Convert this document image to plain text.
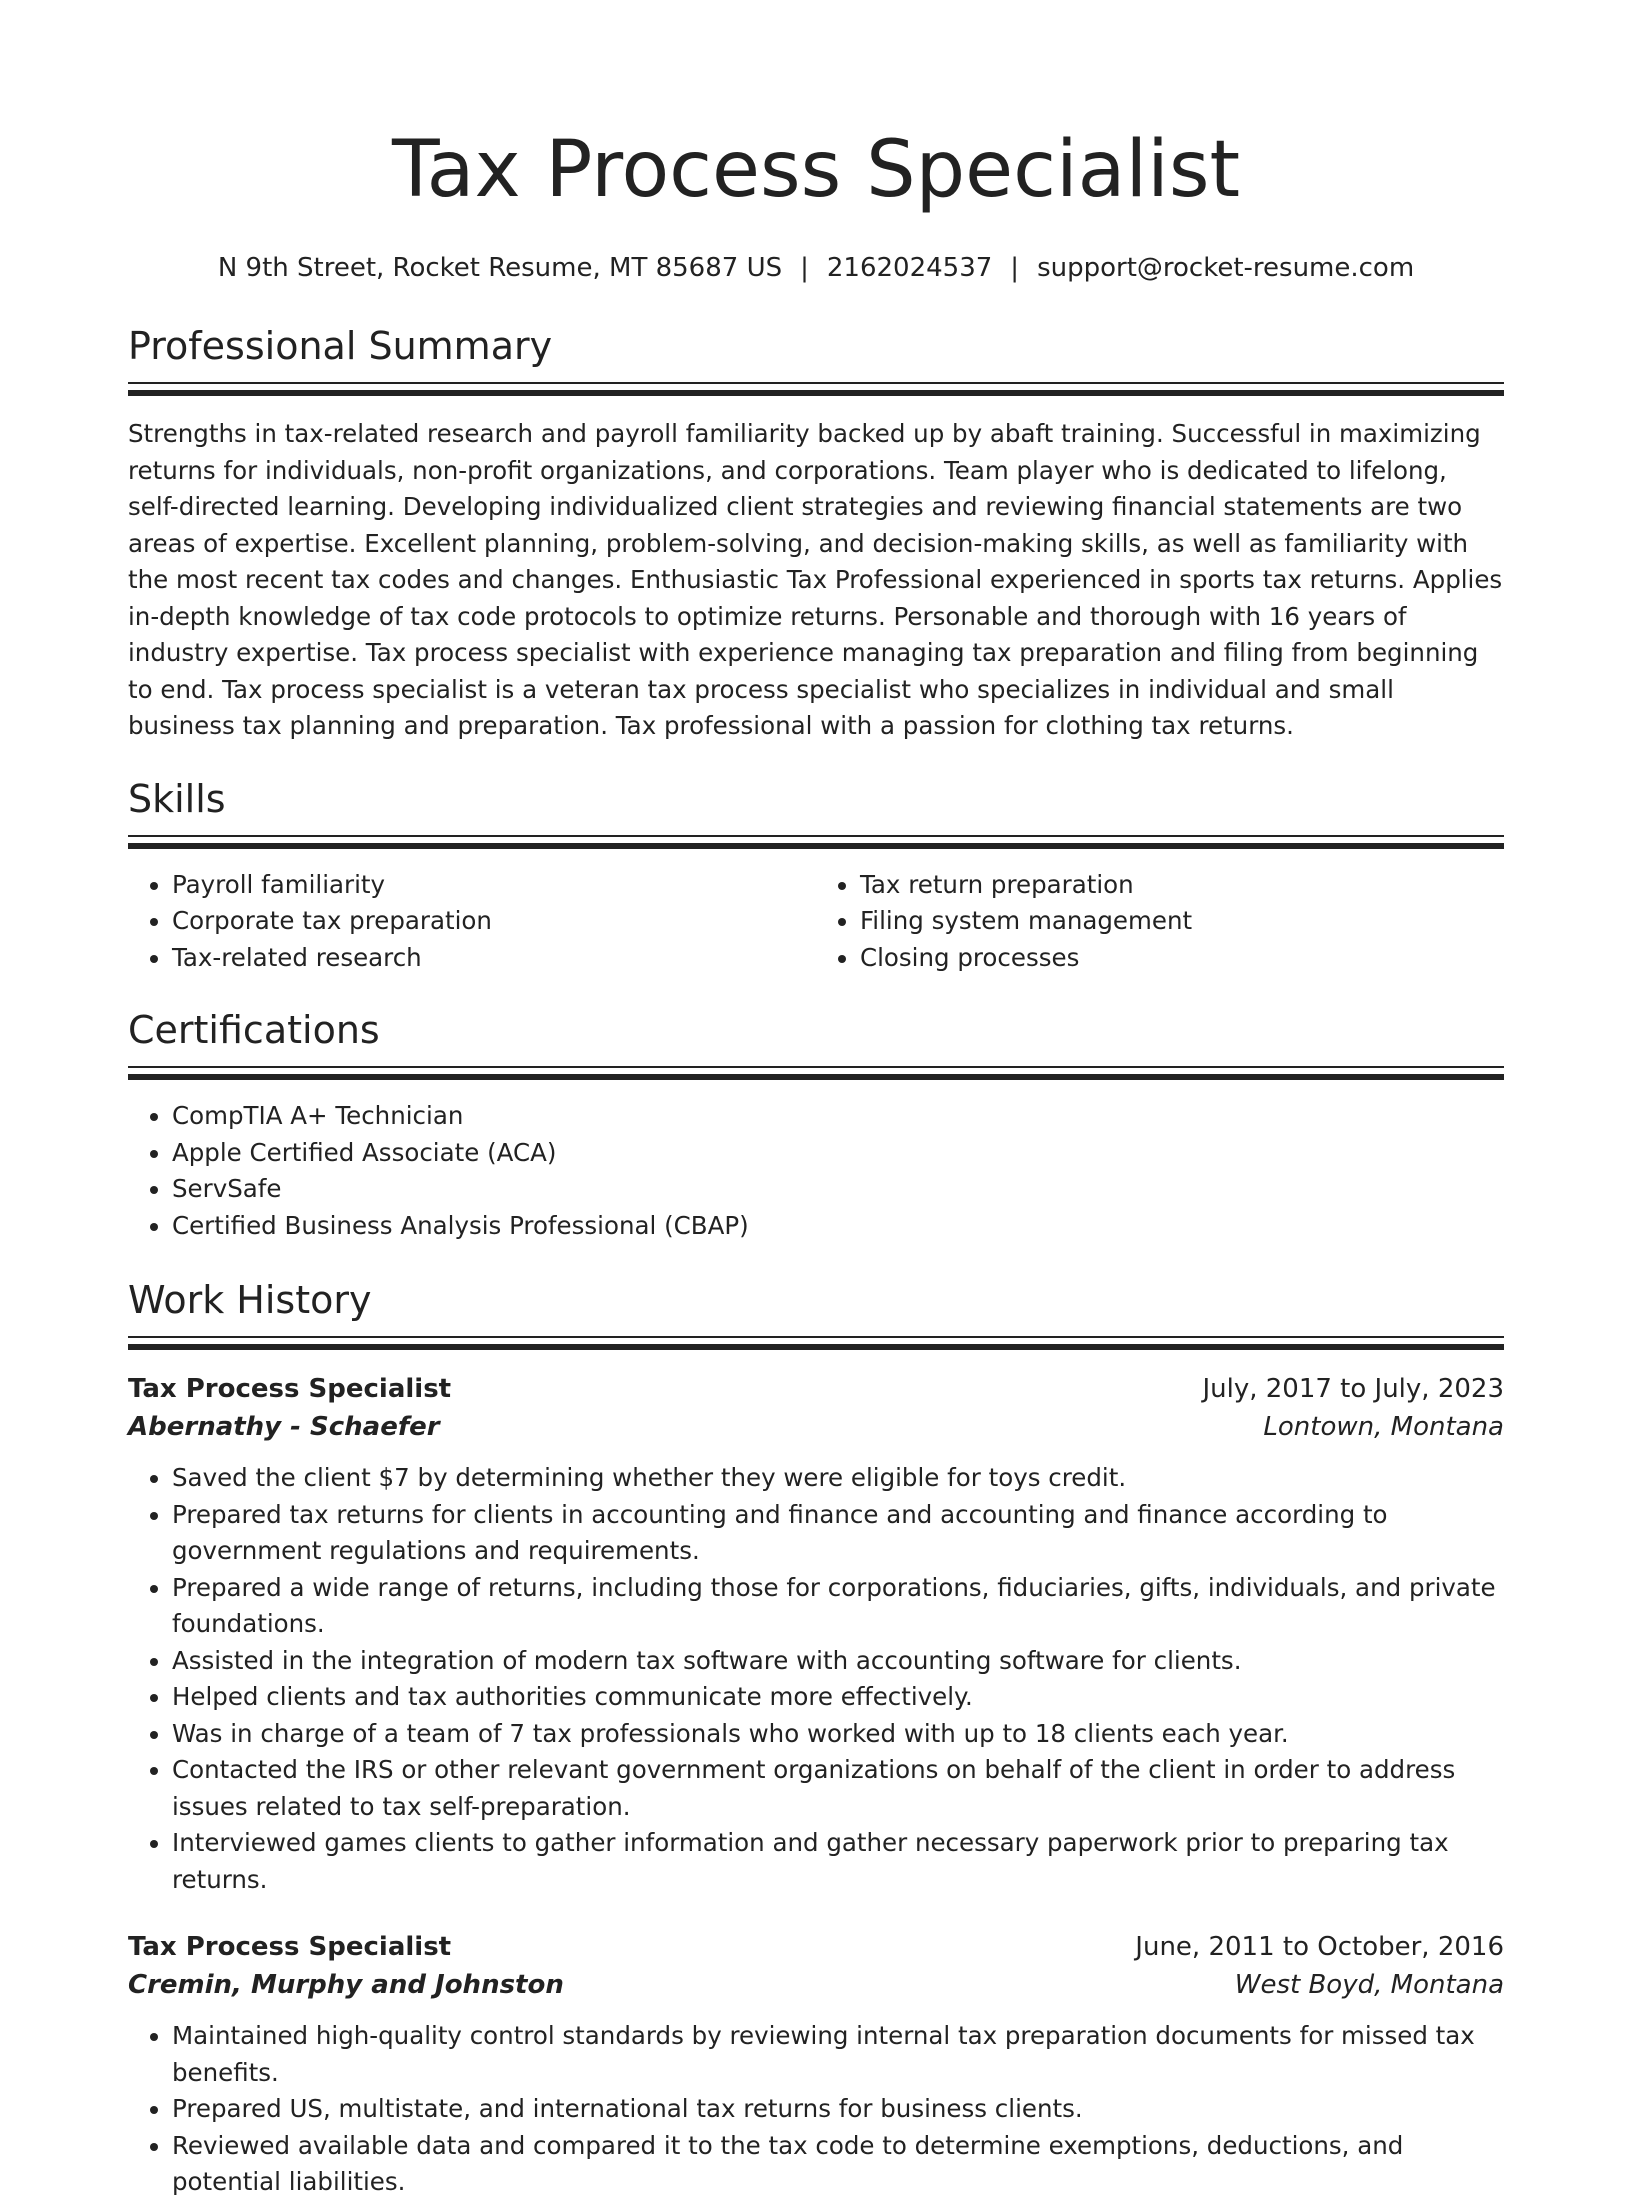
Tax Process Specialist
N 9th Street, Rocket Resume, MT 85687 US | 2162024537 | support@rocket-resume.com
Professional Summary

Strengths in tax-related research and payroll familiarity backed up by abaft training. Successful in maximizing returns for individuals, non-profit organizations, and corporations. Team player who is dedicated to lifelong, self-directed learning. Developing individualized client strategies and reviewing financial statements are two areas of expertise. Excellent planning, problem-solving, and decision-making skills, as well as familiarity with the most recent tax codes and changes. Enthusiastic Tax Professional experienced in sports tax returns. Applies in-depth knowledge of tax code protocols to optimize returns. Personable and thorough with 16 years of industry expertise. Tax process specialist with experience managing tax preparation and filing from beginning to end. Tax process specialist is a veteran tax process specialist who specializes in individual and small business tax planning and preparation. Tax professional with a passion for clothing tax returns.

Skills
• Payroll familiarity
• Corporate tax preparation
• Tax-related research
• Tax return preparation
• Filing system management
• Closing processes
Certifications
• CompTIA A+ Technician
• Apple Certified Associate (ACA)
• ServSafe
• Certified Business Analysis Professional (CBAP)
Work History
Tax Process Specialist	July, 2017 to July, 2023
Abernathy - Schaefer	Lontown, Montana
• Saved the client $7 by determining whether they were eligible for toys credit.
• Prepared tax returns for clients in accounting and finance and accounting and finance according to government regulations and requirements.
• Prepared a wide range of returns, including those for corporations, fiduciaries, gifts, individuals, and private foundations.
• Assisted in the integration of modern tax software with accounting software for clients.
• Helped clients and tax authorities communicate more effectively.
• Was in charge of a team of 7 tax professionals who worked with up to 18 clients each year.
• Contacted the IRS or other relevant government organizations on behalf of the client in order to address issues related to tax self-preparation.
• Interviewed games clients to gather information and gather necessary paperwork prior to preparing tax returns.
Tax Process Specialist	June, 2011 to October, 2016
Cremin, Murphy and Johnston	West Boyd, Montana
• Maintained high-quality control standards by reviewing internal tax preparation documents for missed tax benefits.
• Prepared US, multistate, and international tax returns for business clients.
• Reviewed available data and compared it to the tax code to determine exemptions, deductions, and potential liabilities.
